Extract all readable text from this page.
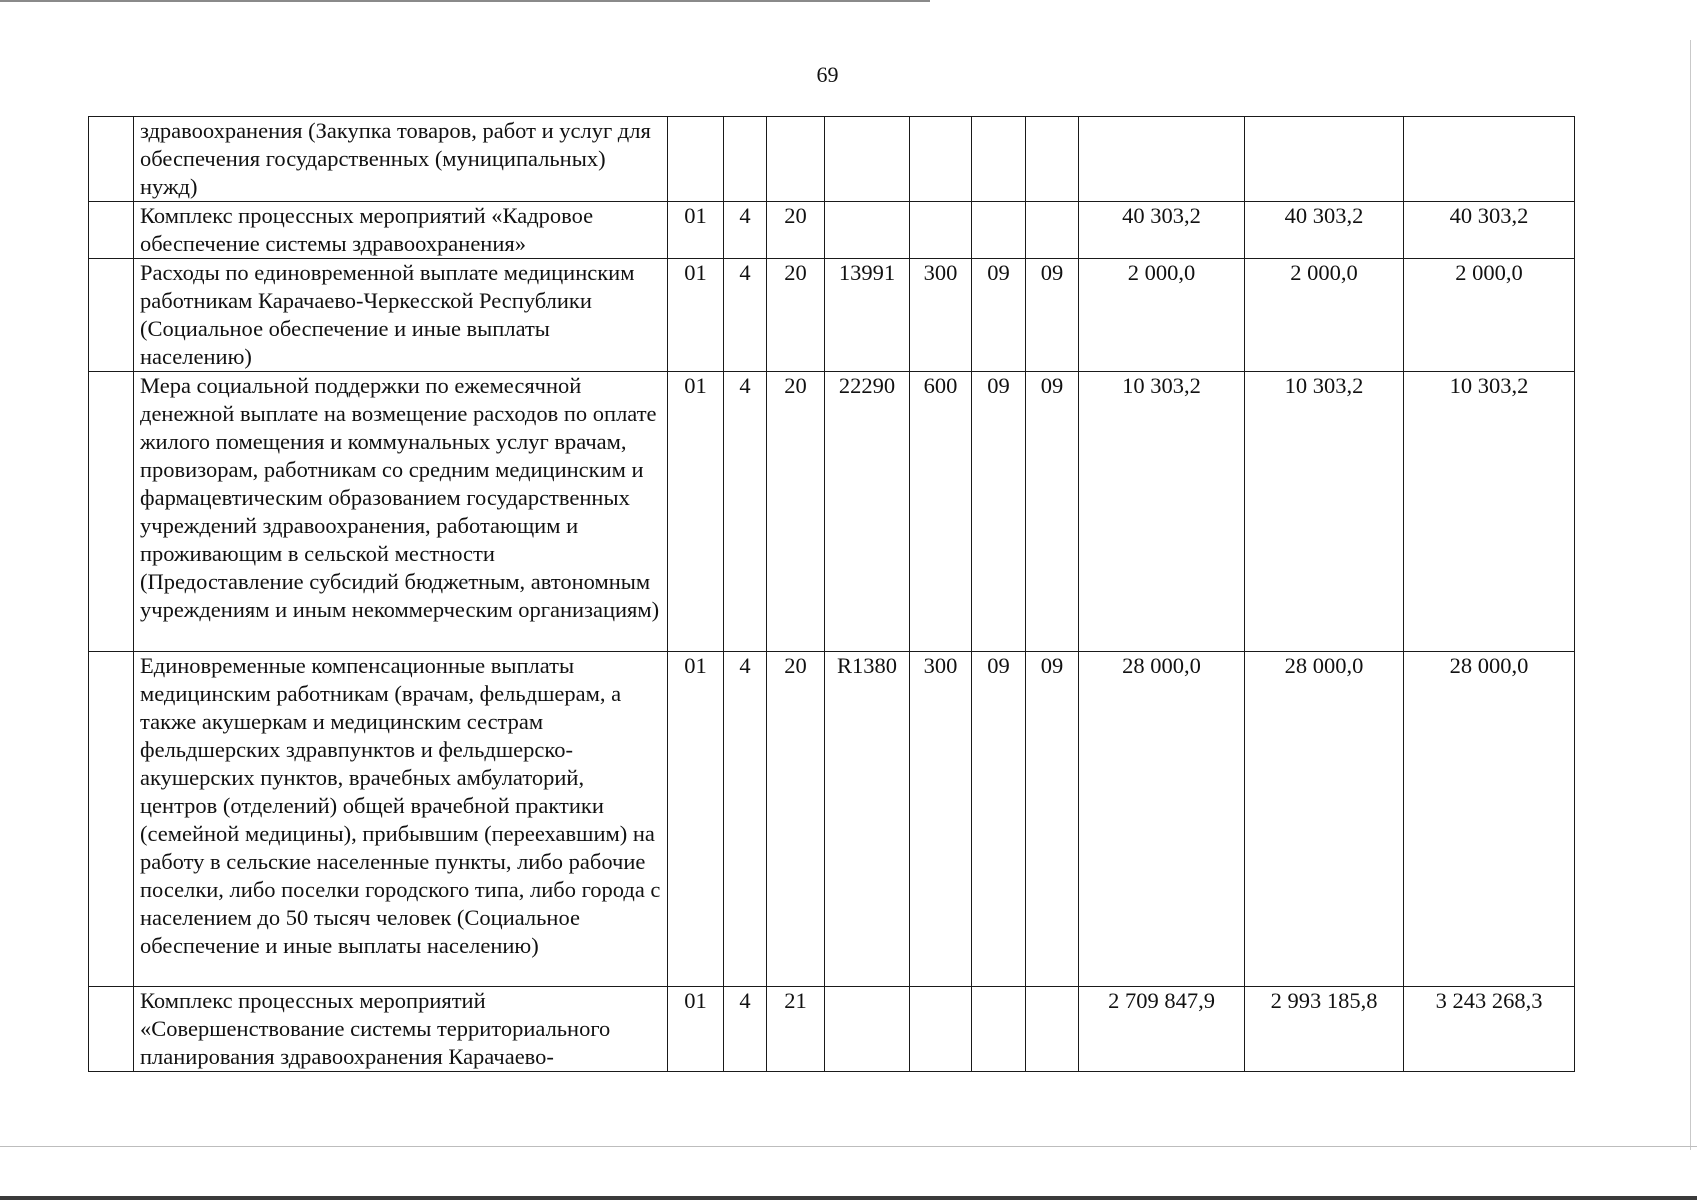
69
	здравоохранения (Закупка товаров, работ и услуг для обеспечения государственных (муниципальных) нужд)										
	Комплекс процессных мероприятий «Кадровое обеспечение системы здравоохранения»	01	4	20					40 303,2	40 303,2	40 303,2
	Расходы по единовременной выплате медицинским работникам Карачаево-Черкесской Республики (Социальное обеспечение и иные выплаты населению)	01	4	20	13991	300	09	09	2 000,0	2 000,0	2 000,0
	Мера социальной поддержки по ежемесячной денежной выплате на возмещение расходов по оплате жилого помещения и коммунальных услуг врачам, провизорам, работникам со средним медицинским и фармацевтическим образованием государственных учреждений здравоохранения, работающим и проживающим в сельской местности (Предоставление субсидий бюджетным, автономным учреждениям и иным некоммерческим организациям)	01	4	20	22290	600	09	09	10 303,2	10 303,2	10 303,2
	Единовременные компенсационные выплаты медицинским работникам (врачам, фельдшерам, а также акушеркам и медицинским сестрам фельдшерских здравпунктов и фельдшерско-акушерских пунктов, врачебных амбулаторий, центров (отделений) общей врачебной практики (семейной медицины), прибывшим (переехавшим) на работу в сельские населенные пункты, либо рабочие поселки, либо поселки городского типа, либо города с населением до 50 тысяч человек (Социальное обеспечение и иные выплаты населению)	01	4	20	R1380	300	09	09	28 000,0	28 000,0	28 000,0
	Комплекс процессных мероприятий «Совершенствование системы территориального планирования здравоохранения Карачаево-	01	4	21					2 709 847,9	2 993 185,8	3 243 268,3
